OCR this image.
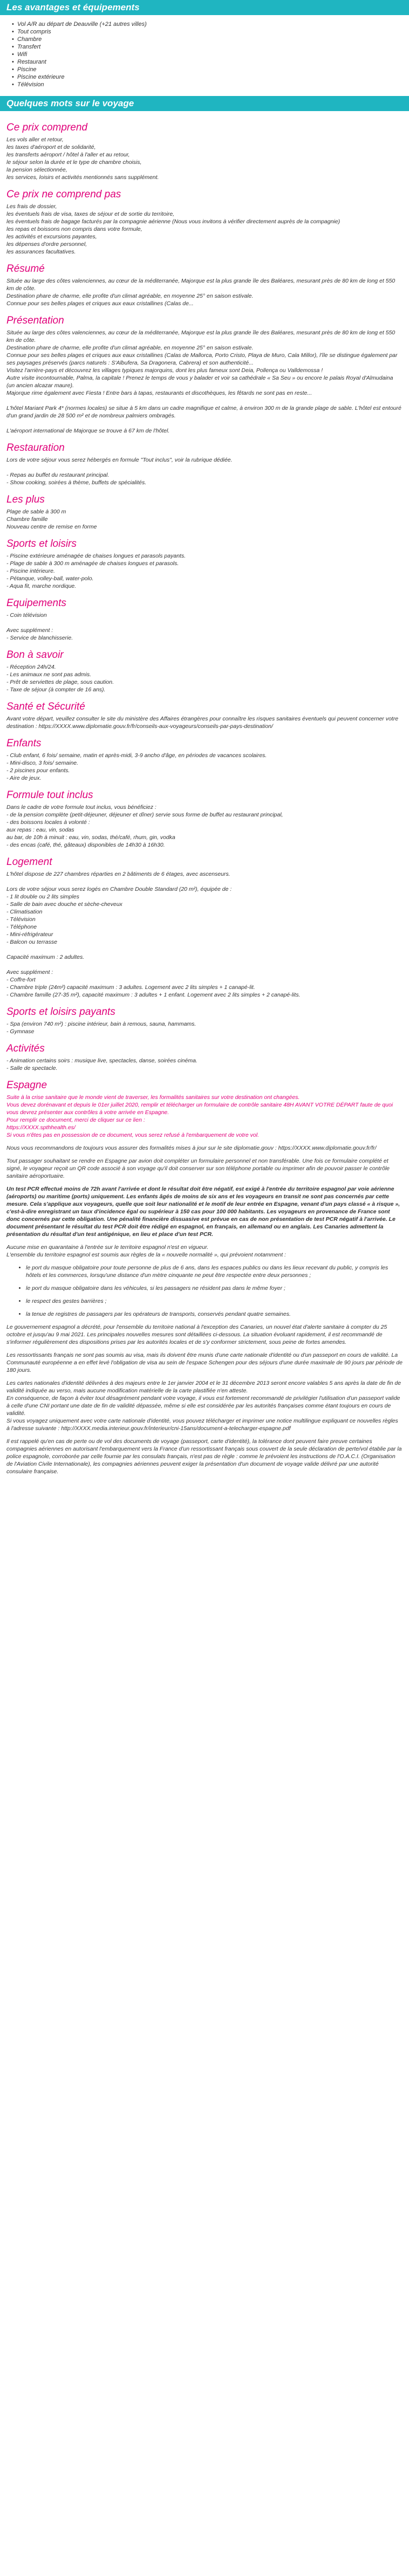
Les avantages et équipements
• Vol A/R au départ de Deauville (+21 autres villes)
• Tout compris
• Chambre
• Transfert
• Wifi
• Restaurant
• Piscine
• Piscine extérieure
• Télévision
Quelques mots sur le voyage
Ce prix comprend

Les vols aller et retour,
les taxes d'aéroport et de solidarité,
les transferts aéroport / hôtel à l'aller et au retour,
le séjour selon la durée et le type de chambre choisis,
la pension sélectionnée,
les services, loisirs et activités mentionnés sans supplément.

Ce prix ne comprend pas

Les frais de dossier,
les éventuels frais de visa, taxes de séjour et de sortie du territoire,
les éventuels frais de bagage facturés par la compagnie aérienne (Nous vous invitons à vérifier directement auprès de la compagnie)
les repas et boissons non compris dans votre formule,
les activités et excursions payantes,
les dépenses d'ordre personnel,
les assurances facultatives.

Résumé

Située au large des côtes valenciennes, au cœur de la méditerranée, Majorque est la plus grande île des Baléares, mesurant près de 80 km de long et 550 km de côte.
Destination phare de charme, elle profite d'un climat agréable, en moyenne 25° en saison estivale.
Connue pour ses belles plages et criques aux eaux cristallines (Calas de...

Présentation

Située au large des côtes valenciennes, au cœur de la méditerranée, Majorque est la plus grande île des Baléares, mesurant près de 80 km de long et 550 km de côte.
Destination phare de charme, elle profite d'un climat agréable, en moyenne 25° en saison estivale.
Connue pour ses belles plages et criques aux eaux cristallines (Calas de Mallorca, Porto Cristo, Playa de Muro, Cala Millor), l'île se distingue également par ses paysages préservés (parcs naturels : S'Albufera, Sa Dragonera, Cabrera) et son authenticité...
Visitez l'arrière-pays et découvrez les villages typiques majorquins, dont les plus fameux sont Deia, Pollença ou Valldemossa !
Autre visite incontournable, Palma, la capitale ! Prenez le temps de vous y balader et voir sa cathédrale « Sa Seu » ou encore le palais Royal d'Almudaina (un ancien alcazar maure).
Majorque rime également avec Fiesta ! Entre bars à tapas, restaurants et discothèques, les fêtards ne sont pas en reste...

L'hôtel Mariant Park 4* (normes locales) se situe à 5 km dans un cadre magnifique et calme, à environ 300 m de la grande plage de sable. L'hôtel est entouré d'un grand jardin de 28 500 m² et de nombreux palmiers ombragés.

L'aéroport international de Majorque se trouve à 67 km de l'hôtel.

Restauration

Lors de votre séjour vous serez hébergés en formule "Tout inclus", voir la rubrique dédiée.

- Repas au buffet du restaurant principal.
- Show cooking, soirées à thème, buffets de spécialités.

Les plus

Plage de sable à 300 m
Chambre famille
Nouveau centre de remise en forme

Sports et loisirs

- Piscine extérieure aménagée de chaises longues et parasols payants.
- Plage de sable à 300 m aménagée de chaises longues et parasols.
- Piscine intérieure.
- Pétanque, volley-ball, water-polo.
- Aqua fit, marche nordique.

Equipements

- Coin télévision

Avec supplément :
- Service de blanchisserie.

Bon à savoir

- Réception 24h/24.
- Les animaux ne sont pas admis.
- Prêt de serviettes de plage, sous caution.
- Taxe de séjour (à compter de 16 ans).

Santé et Sécurité

Avant votre départ, veuillez consulter le site du ministère des Affaires étrangères pour connaître les risques sanitaires éventuels qui peuvent concerner votre destination : https://XXXX.www.diplomatie.gouv.fr/fr/conseils-aux-voyageurs/conseils-par-pays-destination/

Enfants

- Club enfant, 6 fois/ semaine, matin et après-midi, 3-9 ancho d'âge, en périodes de vacances scolaires.
- Mini-disco, 3 fois/ semaine.
- 2 piscines pour enfants.
- Aire de jeux.

Formule tout inclus

Dans le cadre de votre formule tout inclus, vous bénéficiez :
- de la pension complète (petit-déjeuner, déjeuner et dîner) servie sous forme de buffet au restaurant principal,
- des boissons locales à volonté :
aux repas : eau, vin, sodas
au bar, de 10h à minuit : eau, vin, sodas, thé/café, rhum, gin, vodka
- des encas (café, thé, gâteaux) disponibles de 14h30 à 16h30.

Logement

L'hôtel dispose de 227 chambres réparties en 2 bâtiments de 6 étages, avec ascenseurs.

Lors de votre séjour vous serez logés en Chambre Double Standard (20 m²), équipée de :
- 1 lit double ou 2 lits simples
- Salle de bain avec douche et sèche-cheveux
- Climatisation
- Télévision
- Téléphone
- Mini-réfrigérateur
- Balcon ou terrasse

Capacité maximum : 2 adultes.

Avec supplément :
- Coffre-fort
- Chambre triple (24m²) capacité maximum : 3 adultes. Logement avec 2 lits simples + 1 canapé-lit.
- Chambre famille (27-35 m²), capacité maximum : 3 adultes + 1 enfant. Logement avec 2 lits simples + 2 canapé-lits.

Sports et loisirs payants

- Spa (environ 740 m²) : piscine intérieur, bain à remous, sauna, hammams.
- Gymnase

Activités

- Animation certains soirs : musique live, spectacles, danse, soirées cinéma.
- Salle de spectacle.

Espagne

Suite à la crise sanitaire que le monde vient de traverser, les formalités sanitaires sur votre destination ont changées.
Vous devez dorénavant et depuis le 01er juillet 2020, remplir et télécharger un formulaire de contrôle sanitaire 48H AVANT VOTRE DÉPART faute de quoi vous devrez présenter aux contrôles à votre arrivée en Espagne.
Pour remplir ce document, merci de cliquer sur ce lien :
https://XXXX.spthhealth.es/
Si vous n'êtes pas en possession de ce document, vous serez refusé à l'embarquement de votre vol.

Nous vous recommandons de toujours vous assurer des formalités mises à jour sur le site diplomatie.gouv : https://XXXX.www.diplomatie.gouv.fr/fr/

Tout passager souhaitant se rendre en Espagne par avion doit compléter un formulaire personnel et non transférable. Une fois ce formulaire complété et signé, le voyageur reçoit un QR code associé à son voyage qu'il doit conserver sur son téléphone portable ou imprimer afin de pouvoir passer le contrôle sanitaire aéroportuaire.

Un test PCR effectué moins de 72h avant l'arrivée et dont le résultat doit être négatif, est exigé à l'entrée du territoire espagnol par voie aérienne (aéroports) ou maritime (ports) uniquement. Les enfants âgés de moins de six ans et les voyageurs en transit ne sont pas concernés par cette mesure. Cela s'applique aux voyageurs, quelle que soit leur nationalité et le motif de leur entrée en Espagne, venant d'un pays classé « à risque », c'est-à-dire enregistrant un taux d'incidence égal ou supérieur à 150 cas pour 100 000 habitants. Les voyageurs en provenance de France sont donc concernés par cette obligation. Une pénalité financière dissuasive est prévue en cas de non présentation de test PCR négatif à l'arrivée. Le document présentant le résultat du test PCR doit être rédigé en espagnol, en français, en allemand ou en anglais. Les Canaries admettent la présentation du résultat d'un test antigénique, en lieu et place d'un test PCR.

Aucune mise en quarantaine à l'entrée sur le territoire espagnol n'est en vigueur.
L'ensemble du territoire espagnol est soumis aux règles de la « nouvelle normalité », qui prévoient notamment :

• le port du masque obligatoire pour toute personne de plus de 6 ans, dans les espaces publics ou dans les lieux recevant du public, y compris les hôtels et les commerces, lorsqu'une distance d'un mètre cinquante ne peut être respectée entre deux personnes ;
• le port du masque obligatoire dans les véhicules, si les passagers ne résident pas dans le même foyer ;
• le respect des gestes barrières ;
• la tenue de registres de passagers par les opérateurs de transports, conservés pendant quatre semaines.

Le gouvernement espagnol a décrété, pour l'ensemble du territoire national à l'exception des Canaries, un nouvel état d'alerte sanitaire à compter du 25 octobre et jusqu'au 9 mai 2021. Les principales nouvelles mesures sont détaillées ci-dessous. La situation évoluant rapidement, il est recommandé de s'informer régulièrement des dispositions prises par les autorités locales et de s'y conformer strictement, sous peine de fortes amendes.

Les ressortissants français ne sont pas soumis au visa, mais ils doivent être munis d'une carte nationale d'identité ou d'un passeport en cours de validité. La Communauté européenne a en effet levé l'obligation de visa au sein de l'espace Schengen pour des séjours d'une durée maximale de 90 jours par période de 180 jours.

Les cartes nationales d'identité délivrées à des majeurs entre le 1er janvier 2004 et le 31 décembre 2013 seront encore valables 5 ans après la date de fin de validité indiquée au verso, mais aucune modification matérielle de la carte plastifiée n'en atteste.
En conséquence, de façon à éviter tout désagrément pendant votre voyage, il vous est fortement recommandé de privilégier l'utilisation d'un passeport valide à celle d'une CNI portant une date de fin de validité dépassée, même si elle est considérée par les autorités françaises comme étant toujours en cours de validité.
Si vous voyagez uniquement avec votre carte nationale d'identité, vous pouvez télécharger et imprimer une notice multilingue expliquant ce nouvelles règles à l'adresse suivante : http://XXXX.media.interieur.gouv.fr/interieur/cni-15ans/document-a-telecharger-espagne.pdf

Il est rappelé qu'en cas de perte ou de vol des documents de voyage (passeport, carte d'identité), la tolérance dont peuvent faire preuve certaines compagnies aériennes en autorisant l'embarquement vers la France d'un ressortissant français sous couvert de la seule déclaration de perte/vol établie par la police espagnole, corroborée par celle fournie par les consulats français, n'est pas de règle : comme le prévoient les instructions de l'O.A.C.I. (Organisation de l'Aviation Civile Internationale), les compagnies aériennes peuvent exiger la présentation d'un document de voyage valide délivré par une autorité consulaire française.
